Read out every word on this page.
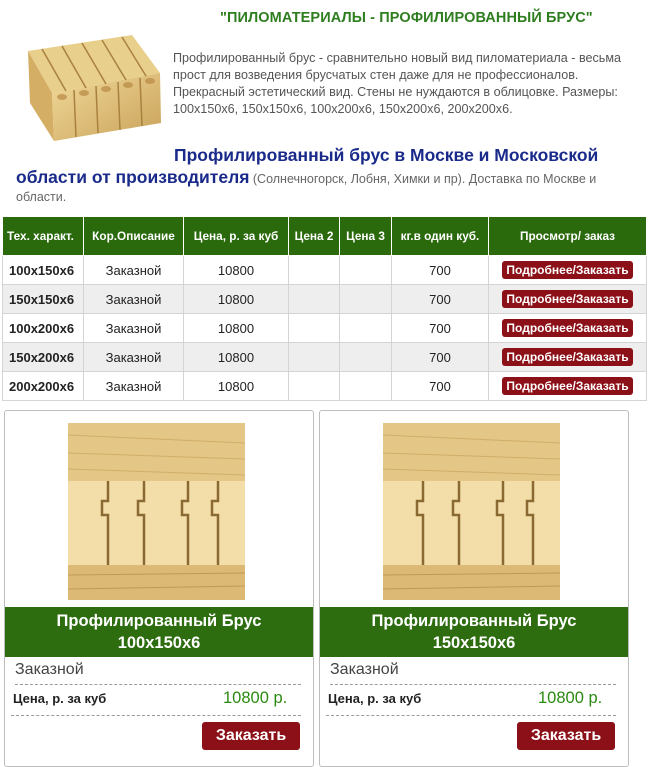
"ПИЛОМАТЕРИАЛЫ - ПРОФИЛИРОВАННЫЙ БРУС"
Профилированный брус - сравнительно новый вид пиломатериала - весьма прост для возведения брусчатых стен даже для не профессионалов. Прекрасный эстетический вид. Стены не нуждаются в облицовке. Размеры: 100x150x6, 150x150x6, 100x200x6, 150x200x6, 200x200x6.
Профилированный брус в Москве и Московской
области от производителя (Солнечногорск, Лобня, Химки и пр). Доставка по Москве и области.
Тех. характ.	Кор.Описание	Цена, р. за куб	Цена 2	Цена 3	кг.в один куб.	Просмотр/ заказ
100x150x6	Заказной	10800			700	Подробнее/Заказать
150x150x6	Заказной	10800			700	Подробнее/Заказать
100x200x6	Заказной	10800			700	Подробнее/Заказать
150x200x6	Заказной	10800			700	Подробнее/Заказать
200x200x6	Заказной	10800			700	Подробнее/Заказать
Профилированный Брус
100x150x6
Заказной
Цена, р. за куб	10800 р.
Заказать
Профилированный Брус
150x150x6
Заказной
Цена, р. за куб	10800 р.
Заказать
